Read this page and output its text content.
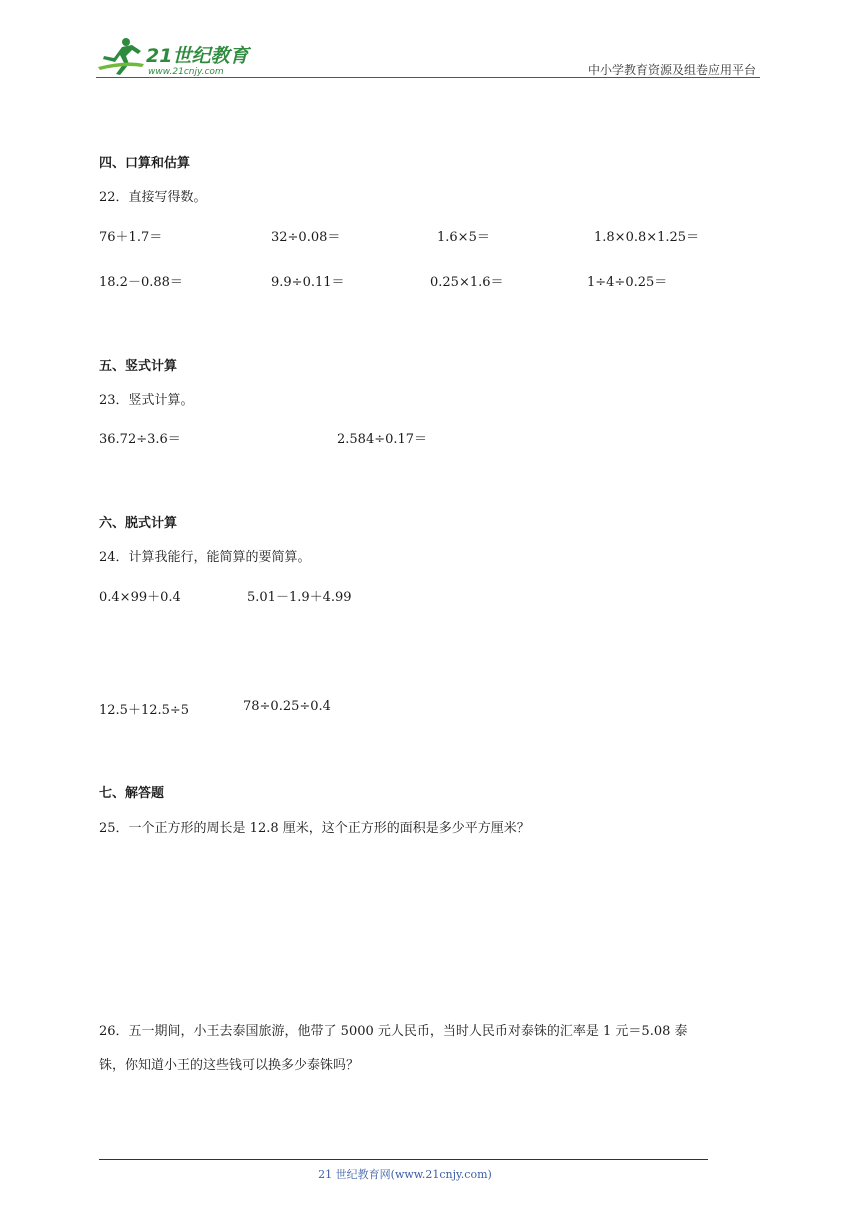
21世纪教育
www.21cnjy.com	中小学教育资源及组卷应用平台
四、口算和估算
22．直接写得数。
76＋1.7＝	32÷0.08＝	1.6×5＝	1.8×0.8×1.25＝
18.2－0.88＝	9.9÷0.11＝	0.25×1.6＝	1÷4÷0.25＝
五、竖式计算
23．竖式计算。
36.72÷3.6＝	2.584÷0.17＝
六、脱式计算
24．计算我能行，能简算的要简算。
0.4×99＋0.4	5.01－1.9＋4.99
12.5＋12.5÷5	78÷0.25÷0.4
七、解答题
25．一个正方形的周长是 12.8 厘米，这个正方形的面积是多少平方厘米？
26．五一期间，小王去泰国旅游，他带了 5000 元人民币，当时人民币对泰铢的汇率是 1 元＝5.08 泰
铢，你知道小王的这些钱可以换多少泰铢吗？
21 世纪教育网(www.21cnjy.com)
